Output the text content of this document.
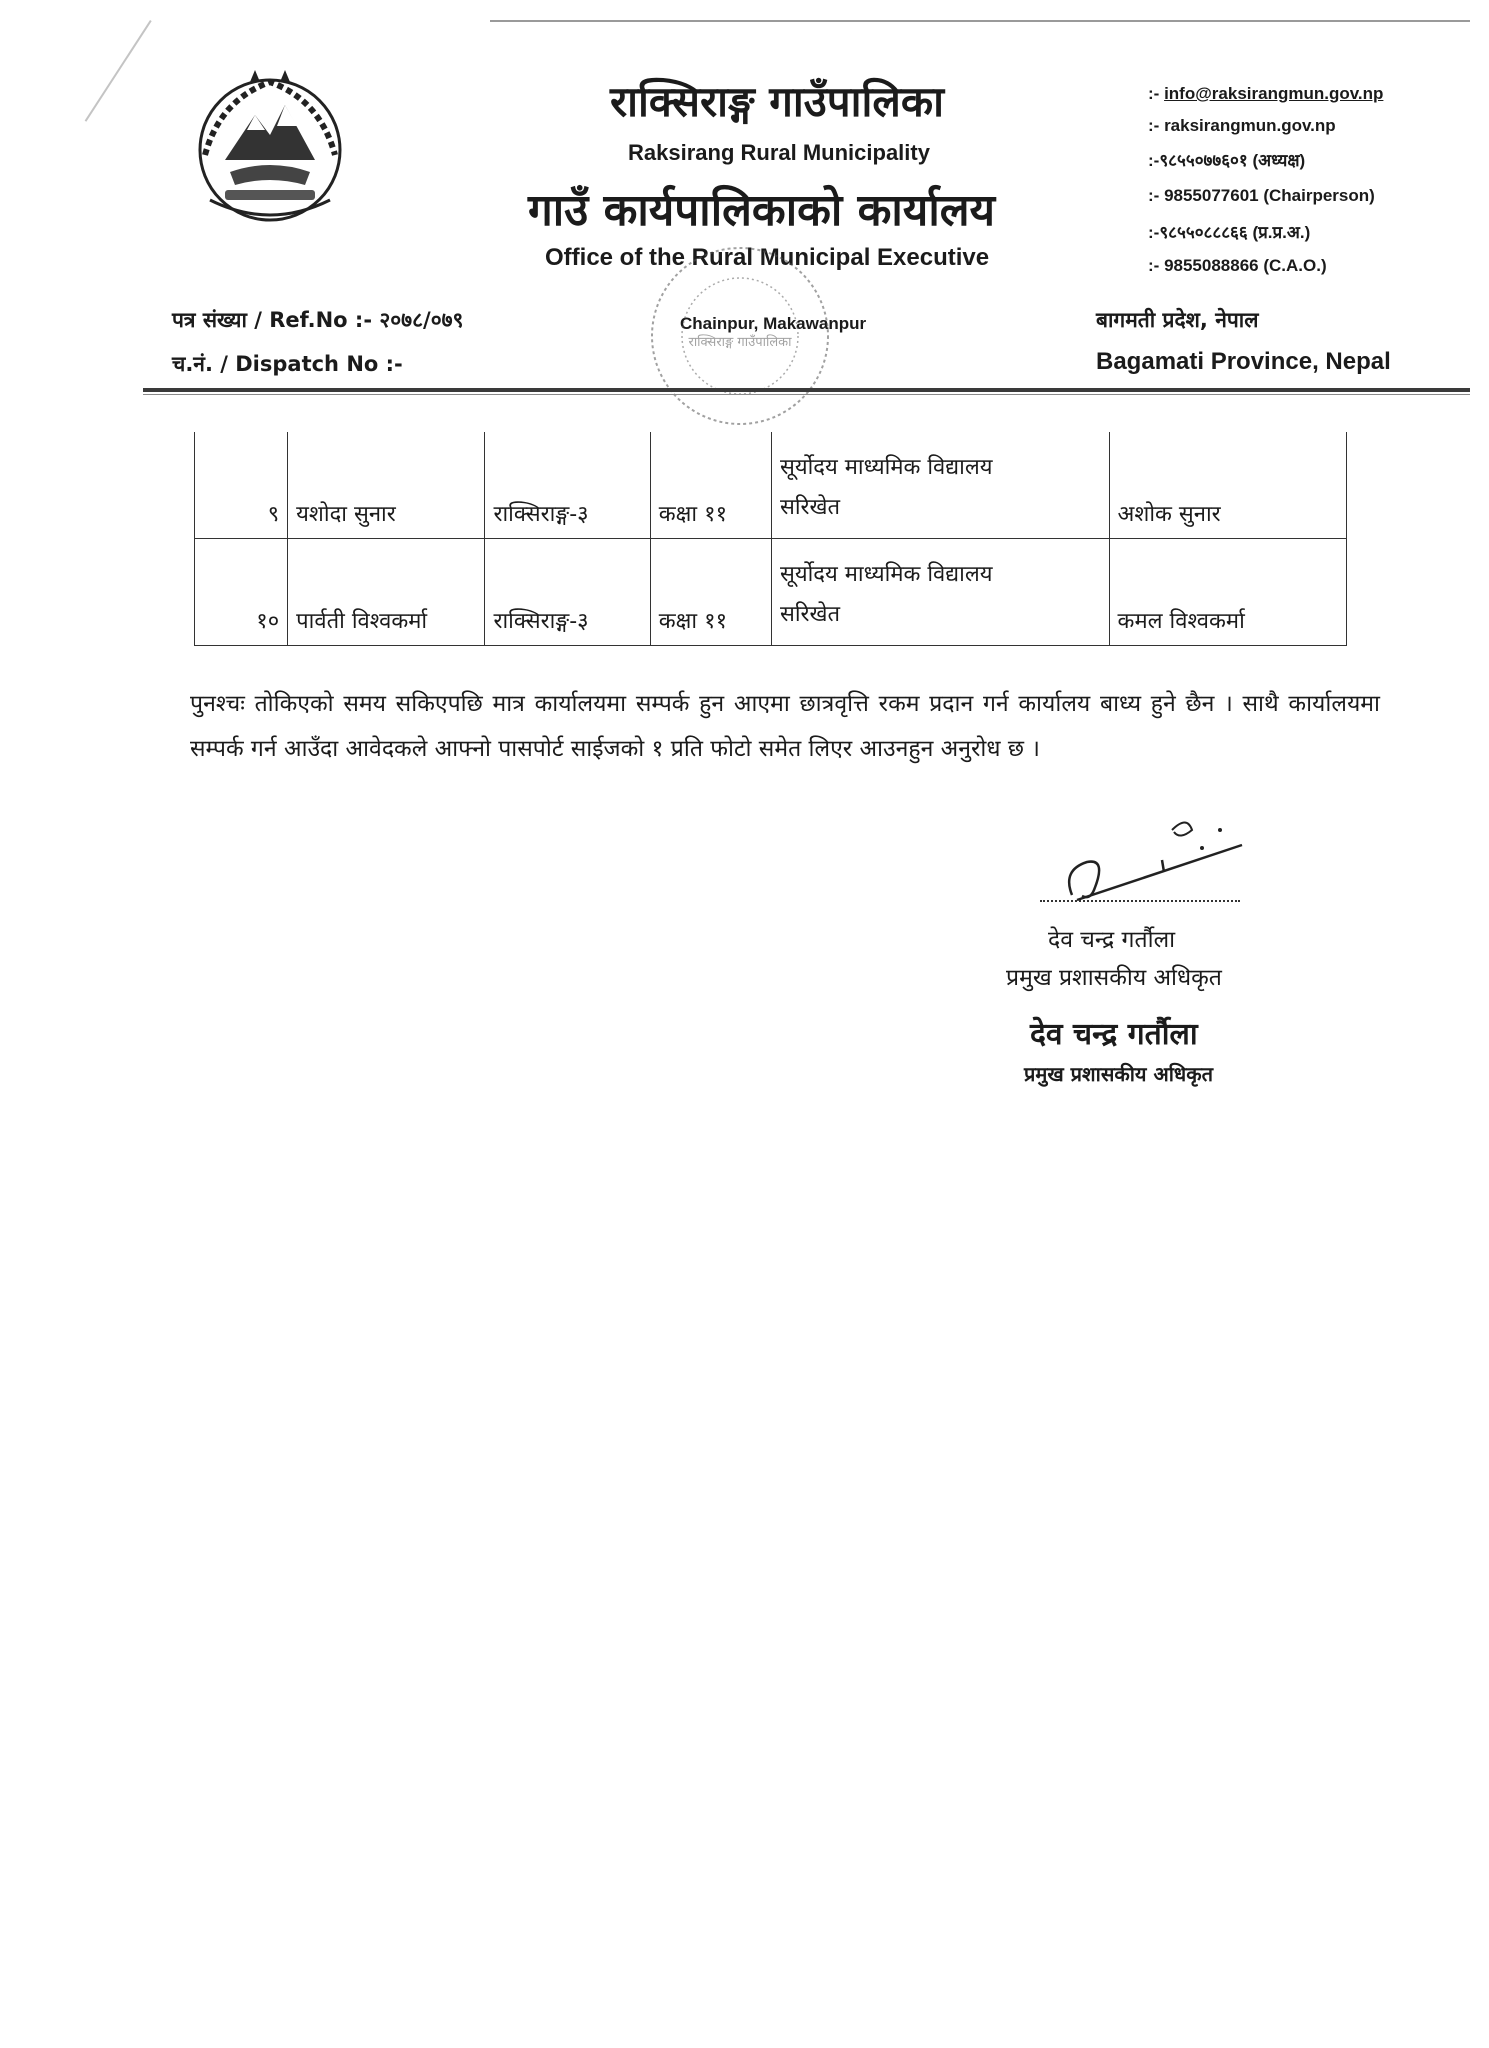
राक्सिराङ्ग गाउँपालिका
Raksirang Rural Municipality
गाउँ कार्यपालिकाको कार्यालय
Office of the Rural Municipal Executive
:- info@raksirangmun.gov.np
:- raksirangmun.gov.np
:-९८५५०७७६०१ (अध्यक्ष)
:- 9855077601 (Chairperson)
:-९८५५०८८८६६ (प्र.प्र.अ.)
:- 9855088866 (C.A.O.)
पत्र संख्या / Ref.No :- २०७८/०७९
च.नं. / Dispatch No :-
Chainpur, Makawanpur	बागमती प्रदेश, नेपाल
Bagamati Province, Nepal
राक्सिराङ्ग गाउँपालिका
९	यशोदा सुनार	राक्सिराङ्ग-३	कक्षा ११	सूर्योदय माध्यमिक विद्यालय
सरिखेत	अशोक सुनार
१०	पार्वती विश्वकर्मा	राक्सिराङ्ग-३	कक्षा ११	सूर्योदय माध्यमिक विद्यालय
सरिखेत	कमल विश्वकर्मा
पुनश्चः तोकिएको समय सकिएपछि मात्र कार्यालयमा सम्पर्क हुन आएमा छात्रवृत्ति रकम प्रदान गर्न कार्यालय बाध्य हुने छैन । साथै कार्यालयमा सम्पर्क गर्न आउँदा आवेदकले आफ्नो पासपोर्ट साईजको १ प्रति फोटो समेत लिएर आउनहुन अनुरोध छ ।
देव चन्द्र गर्तौला
प्रमुख प्रशासकीय अधिकृत
देव चन्द्र गर्तौला
प्रमुख प्रशासकीय अधिकृत
